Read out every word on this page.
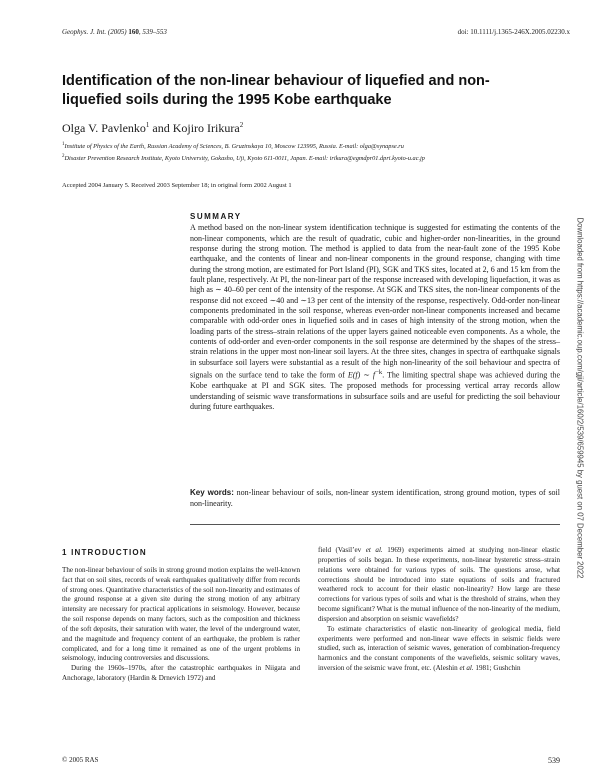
Geophys. J. Int. (2005) 160, 539–553	doi: 10.1111/j.1365-246X.2005.02230.x
Identification of the non-linear behaviour of liquefied and non-liquefied soils during the 1995 Kobe earthquake
Olga V. Pavlenko$^1$ and Kojiro Irikura$^2$
$^1$Institute of Physics of the Earth, Russian Academy of Sciences, B. Gruzinskaya 10, Moscow 123995, Russia. E-mail: olga@synapse.ru
$^2$Disaster Prevention Research Institute, Kyoto University, Gokasho, Uji, Kyoto 611-0011, Japan. E-mail: irikura@egmdpr01.dpri.kyoto-u.ac.jp
Accepted 2004 January 5. Received 2003 September 18; in original form 2002 August 1
SUMMARY
A method based on the non-linear system identification technique is suggested for estimating the contents of the non-linear components, which are the result of quadratic, cubic and higher-order non-linearities, in the ground response during the strong motion. The method is applied to data from the near-fault zone of the 1995 Kobe earthquake, and the contents of linear and non-linear components in the ground response, changing with time during the strong motion, are estimated for Port Island (PI), SGK and TKS sites, located at 2, 6 and 15 km from the fault plane, respectively. At PI, the non-linear part of the response increased with developing liquefaction, it was as high as ∼ 40–60 per cent of the intensity of the response. At SGK and TKS sites, the non-linear components of the response did not exceed ∼40 and ∼13 per cent of the intensity of the response, respectively. Odd-order non-linear components predominated in the soil response, whereas even-order non-linear components increased and became comparable with odd-order ones in liquefied soils and in cases of high intensity of the strong motion, when the loading parts of the stress–strain relations of the upper layers gained noticeable even components. As a whole, the contents of odd-order and even-order components in the soil response are determined by the shapes of the stress–strain relations in the upper most non-linear soil layers. At the three sites, changes in spectra of earthquake signals in subsurface soil layers were substantial as a result of the high non-linearity of the soil behaviour and spectra of signals on the surface tend to take the form of E(f) ∼ $f^{-k}$. The limiting spectral shape was achieved during the Kobe earthquake at PI and SGK sites. The proposed methods for processing vertical array records allow understanding of seismic wave transformations in subsurface soils and are useful for predicting the soil behaviour during future earthquakes.
Key words: non-linear behaviour of soils, non-linear system identification, strong ground motion, types of soil non-linearity.
1 INTRODUCTION

The non-linear behaviour of soils in strong ground motion explains the well-known fact that on soil sites, records of weak earthquakes qualitatively differ from records of strong ones. Quantitative characteristics of the soil non-linearity and estimates of the ground response at a given site during the strong motion of any arbitrary intensity are necessary for practical applications in seismology. However, because the soil response depends on many factors, such as the composition and thickness of the soft deposits, their saturation with water, the level of the underground water, and the magnitude and frequency content of an earthquake, the problem is rather complicated, and for a long time it remained as one of the urgent problems in seismology, inducing controversies and discussions.

During the 1960s–1970s, after the catastrophic earthquakes in Niigata and Anchorage, laboratory (Hardin & Drnevich 1972) and

field (Vasil’ev et al. 1969) experiments aimed at studying non-linear elastic properties of soils began. In these experiments, non-linear hysteretic stress–strain relations were obtained for various types of soils. The questions arose, what corrections should be introduced into state equations of soils and fractured weathered rock to account for their elastic non-linearity? How large are these corrections for various types of soils and what is the threshold of strains, when they become significant? What is the mutual influence of the non-linearity of the medium, dispersion and absorption on seismic wavefields?

To estimate characteristics of elastic non-linearity of geological media, field experiments were performed and non-linear wave effects in seismic fields were studied, such as, interaction of seismic waves, generation of combination-frequency harmonics and the constant components of the wavefields, seismic solitary waves, inversion of the seismic wave front, etc. (Aleshin et al. 1981; Gushchin

© 2005 RAS	539
Downloaded from https://academic.oup.com/gji/article/160/2/539/659945 by guest on 07 December 2022
